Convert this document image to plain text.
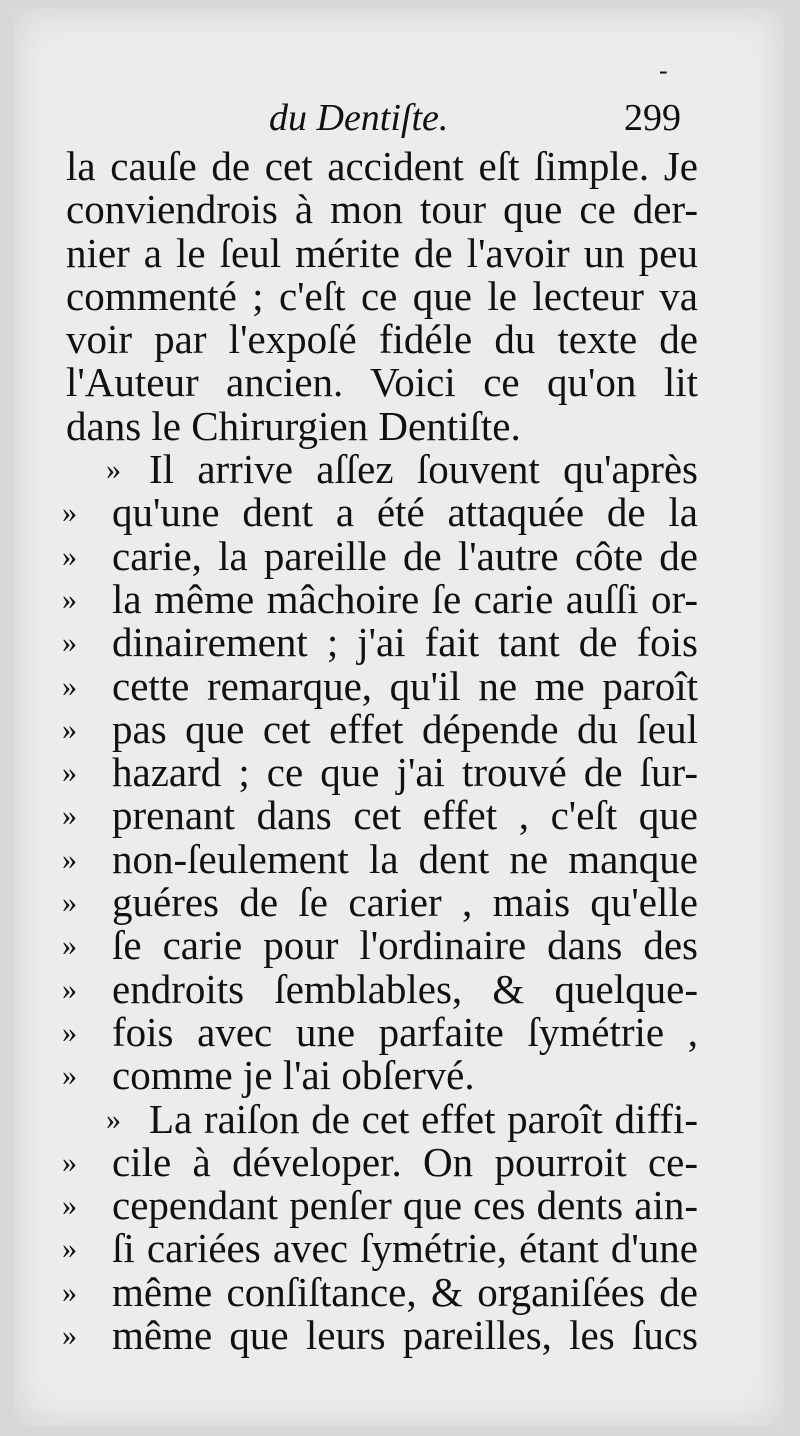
du Dentiſte.	299
-
la cauſe de cet accident eſt ſimple. Je
conviendrois à mon tour que ce der-
nier a le ſeul mérite de l'avoir un peu
commenté ; c'eſt ce que le lecteur va
voir par l'expoſé fidéle du texte de
l'Auteur ancien. Voici ce qu'on lit
dans le Chirurgien Dentiſte.
» Il arrive aſſez ſouvent qu'après
» qu'une dent a été attaquée de la
» carie, la pareille de l'autre côte de
» la même mâchoire ſe carie auſſi or-
» dinairement ; j'ai fait tant de fois
» cette remarque, qu'il ne me paroît
» pas que cet effet dépende du ſeul
» hazard ; ce que j'ai trouvé de ſur-
» prenant dans cet effet , c'eſt que
» non-ſeulement la dent ne manque
» guéres de ſe carier , mais qu'elle
» ſe carie pour l'ordinaire dans des
» endroits ſemblables, & quelque-
» fois avec une parfaite ſymétrie ,
» comme je l'ai obſervé.
» La raiſon de cet effet paroît diffi-
» cile à déveloper. On pourroit ce-
» cependant penſer que ces dents ain-
» ſi cariées avec ſymétrie, étant d'une
» même conſiſtance, & organiſées de
» même que leurs pareilles, les ſucs
